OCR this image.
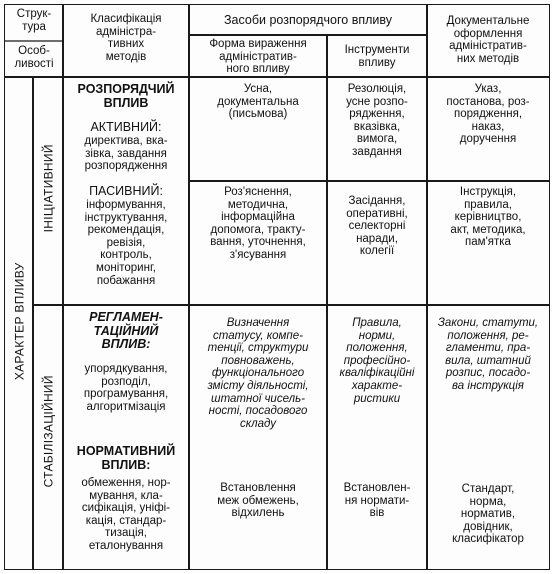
Струк-
тура
Особ-
ливості
Класифікація
адміністра-
тивних
методів
Засоби розпорядчого впливу
Форма вираження
адміністратив-
ного впливу
Інструменти
впливу
Документальне
оформлення
адміністратив-
них методів
ХАРАКТЕР ВПЛИВУ
ІНІЦІАТИВНИЙ
СТАБІЛІЗАЦІЙНИЙ
РОЗПОРЯДЧИЙ
ВПЛИВ
АКТИВНИЙ:
директива, вка-
зівка, завдання
розпорядження
ПАСИВНИЙ:
інформування,
інструктування,
рекомендація,
ревізія,
контроль,
моніторинг,
побажання
Усна,
документальна
(письмова)
Резолюція,
усне розпо-
рядження,
вказівка,
вимога,
завдання
Указ,
постанова, роз-
порядження,
наказ,
доручення
Роз'яснення,
методична,
інформаційна
допомога, тракту-
вання, уточнення,
з'ясування
Засідання,
оперативні,
селекторні
наради,
колегії
Інструкція,
правила,
керівництво,
акт, методика,
пам'ятка
РЕГЛАМЕН-
ТАЦІЙНИЙ
ВПЛИВ:
упорядкування,
розподіл,
програмування,
алгоритмізація
НОРМАТИВНИЙ
ВПЛИВ:
обмеження, нор-
мування, кла-
сифікація, уніфі-
кація, стандар-
тизація,
еталонування
Визначення
статусу, компе-
тенції, структури
повноважень,
функціонального
змісту діяльності,
штатної чисель-
ності, посадового
складу
Встановлення
меж обмежень,
відхилень
Правила,
норми,
положення,
професійно-
кваліфікаційні
характе-
ристики
Встановлен-
ня нормати-
вів
Закони, статути,
положення, ре-
гламенти, пра-
вила, штатний
розпис, посадо-
ва інструкція
Стандарт,
норма,
норматив,
довідник,
класифікатор
